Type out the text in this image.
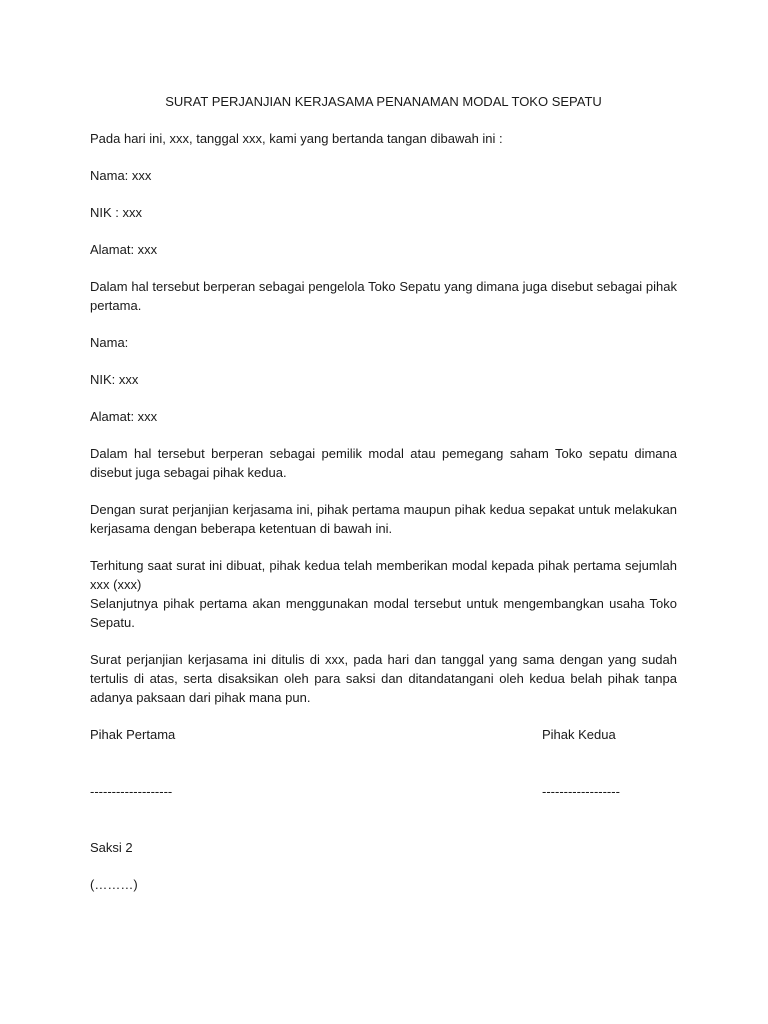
SURAT PERJANJIAN KERJASAMA PENANAMAN MODAL TOKO SEPATU

Pada hari ini, xxx, tanggal xxx, kami yang bertanda tangan dibawah ini :

Nama: xxx

NIK : xxx

Alamat: xxx

Dalam hal tersebut berperan sebagai pengelola Toko Sepatu yang dimana juga disebut sebagai pihak pertama.

Nama:

NIK: xxx

Alamat: xxx

Dalam hal tersebut berperan sebagai pemilik modal atau pemegang saham Toko sepatu dimana disebut juga sebagai pihak kedua.

Dengan surat perjanjian kerjasama ini, pihak pertama maupun pihak kedua sepakat untuk melakukan kerjasama dengan beberapa ketentuan di bawah ini.

Terhitung saat surat ini dibuat, pihak kedua telah memberikan modal kepada pihak pertama sejumlah xxx (xxx)
Selanjutnya pihak pertama akan menggunakan modal tersebut untuk mengembangkan usaha Toko Sepatu.

Surat perjanjian kerjasama ini ditulis di xxx, pada hari dan tanggal yang sama dengan yang sudah tertulis di atas, serta disaksikan oleh para saksi dan ditandatangani oleh kedua belah pihak tanpa adanya paksaan dari pihak mana pun.

Pihak Pertama	Pihak Kedua
-------------------	------------------

Saksi 2

(………)
